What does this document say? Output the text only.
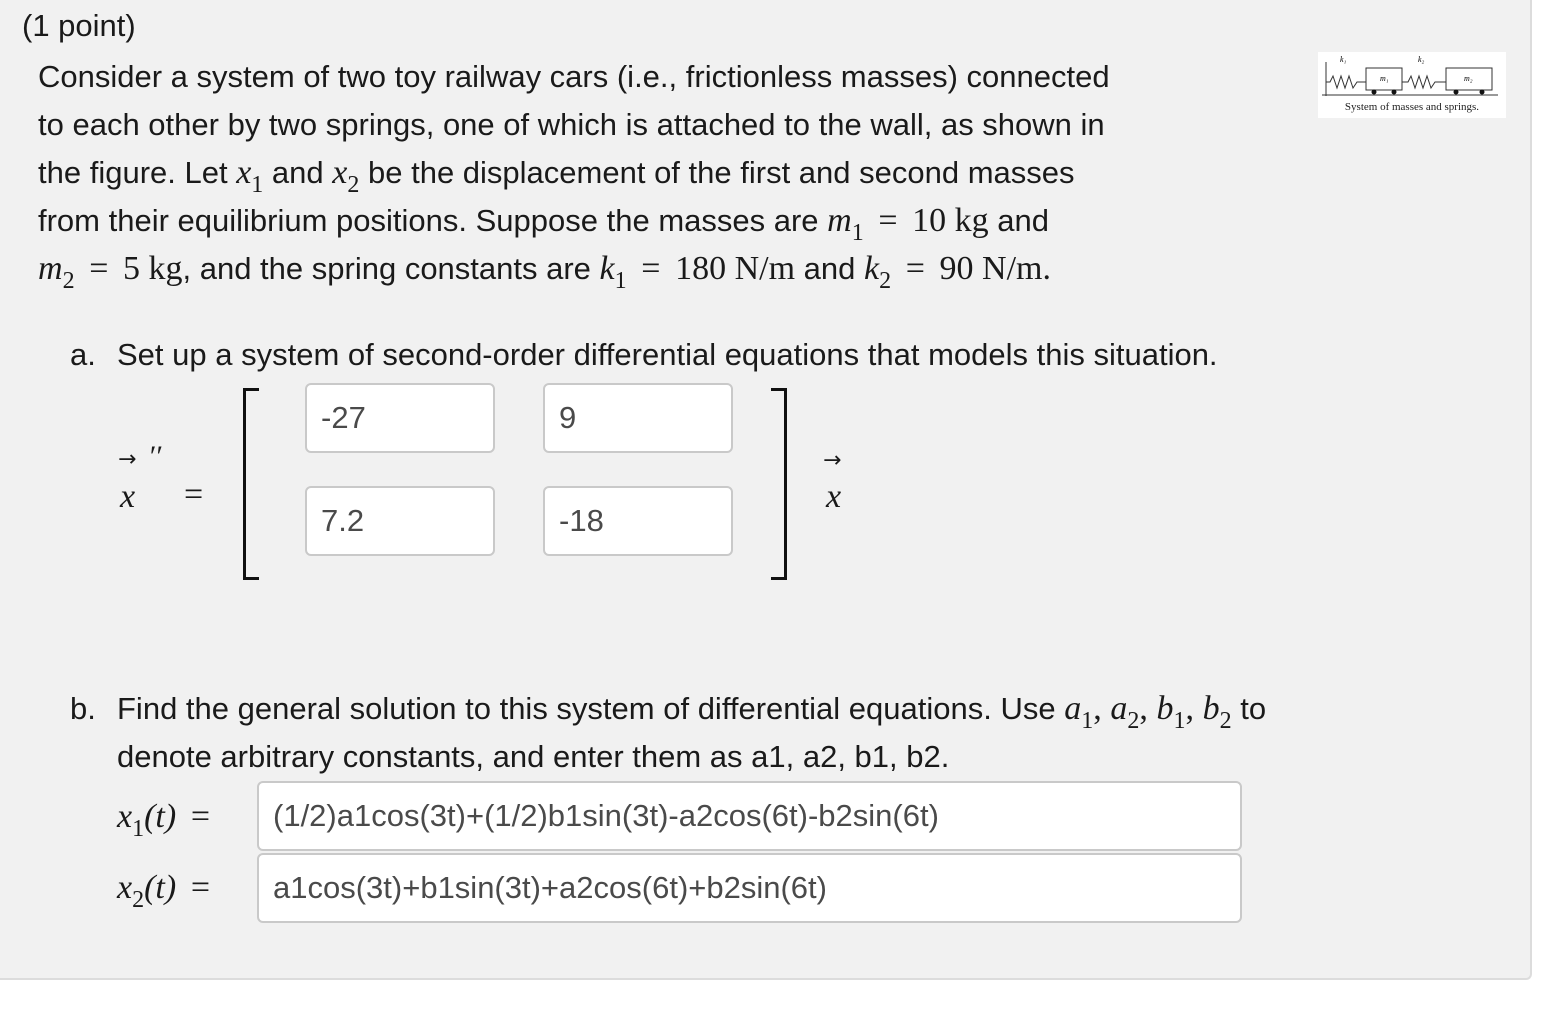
(1 point)
Consider a system of two toy railway cars (i.e., frictionless masses) connected
to each other by two springs, one of which is attached to the wall, as shown in
the figure. Let $x_1$ and $x_2$ be the displacement of the first and second masses
from their equilibrium positions. Suppose the masses are $m_1 = 10$ kg and
$m_2 = 5$ kg, and the spring constants are $k_1 = 180$ N/m and $k_2 = 90$ N/m.
k₁
m₁
k₂
m₂
System of masses and springs.
a. Set up a system of second-order differential equations that models this situation.
→ ′′
x =
-27	9
7.2	-18
→
x
b. Find the general solution to this system of differential equations. Use $a_1$, $a_2$, $b_1$, $b_2$ to
denote arbitrary constants, and enter them as a1, a2, b1, b2.
$x_1(t)$ =	(1/2)a1cos(3t)+(1/2)b1sin(3t)-a2cos(6t)-b2sin(6t)
$x_2(t)$ =	a1cos(3t)+b1sin(3t)+a2cos(6t)+b2sin(6t)
